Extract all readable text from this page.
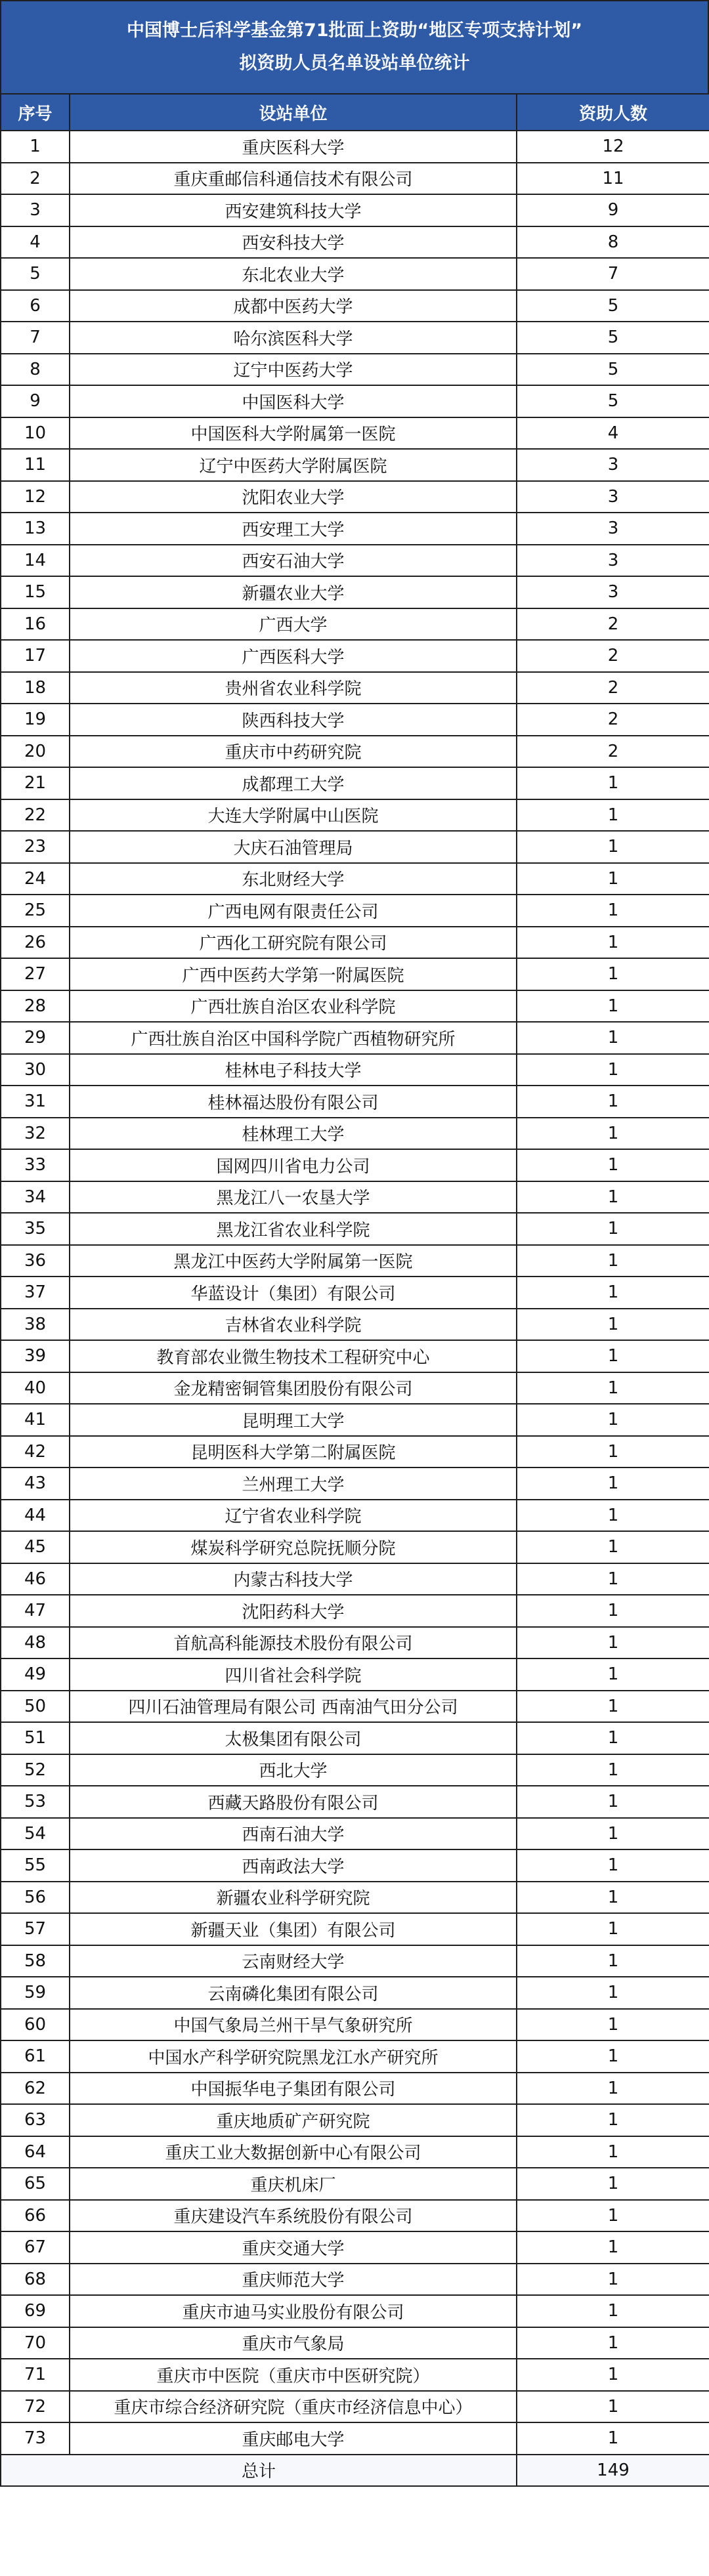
中国博士后科学基金第71批面上资助“地区专项支持计划”
拟资助人员名单设站单位统计
序号	设站单位	资助人数
1	重庆医科大学	12
2	重庆重邮信科通信技术有限公司	11
3	西安建筑科技大学	9
4	西安科技大学	8
5	东北农业大学	7
6	成都中医药大学	5
7	哈尔滨医科大学	5
8	辽宁中医药大学	5
9	中国医科大学	5
10	中国医科大学附属第一医院	4
11	辽宁中医药大学附属医院	3
12	沈阳农业大学	3
13	西安理工大学	3
14	西安石油大学	3
15	新疆农业大学	3
16	广西大学	2
17	广西医科大学	2
18	贵州省农业科学院	2
19	陕西科技大学	2
20	重庆市中药研究院	2
21	成都理工大学	1
22	大连大学附属中山医院	1
23	大庆石油管理局	1
24	东北财经大学	1
25	广西电网有限责任公司	1
26	广西化工研究院有限公司	1
27	广西中医药大学第一附属医院	1
28	广西壮族自治区农业科学院	1
29	广西壮族自治区中国科学院广西植物研究所	1
30	桂林电子科技大学	1
31	桂林福达股份有限公司	1
32	桂林理工大学	1
33	国网四川省电力公司	1
34	黑龙江八一农垦大学	1
35	黑龙江省农业科学院	1
36	黑龙江中医药大学附属第一医院	1
37	华蓝设计（集团）有限公司	1
38	吉林省农业科学院	1
39	教育部农业微生物技术工程研究中心	1
40	金龙精密铜管集团股份有限公司	1
41	昆明理工大学	1
42	昆明医科大学第二附属医院	1
43	兰州理工大学	1
44	辽宁省农业科学院	1
45	煤炭科学研究总院抚顺分院	1
46	内蒙古科技大学	1
47	沈阳药科大学	1
48	首航高科能源技术股份有限公司	1
49	四川省社会科学院	1
50	四川石油管理局有限公司 西南油气田分公司	1
51	太极集团有限公司	1
52	西北大学	1
53	西藏天路股份有限公司	1
54	西南石油大学	1
55	西南政法大学	1
56	新疆农业科学研究院	1
57	新疆天业（集团）有限公司	1
58	云南财经大学	1
59	云南磷化集团有限公司	1
60	中国气象局兰州干旱气象研究所	1
61	中国水产科学研究院黑龙江水产研究所	1
62	中国振华电子集团有限公司	1
63	重庆地质矿产研究院	1
64	重庆工业大数据创新中心有限公司	1
65	重庆机床厂	1
66	重庆建设汽车系统股份有限公司	1
67	重庆交通大学	1
68	重庆师范大学	1
69	重庆市迪马实业股份有限公司	1
70	重庆市气象局	1
71	重庆市中医院（重庆市中医研究院）	1
72	重庆市综合经济研究院（重庆市经济信息中心）	1
73	重庆邮电大学	1
总计		149
